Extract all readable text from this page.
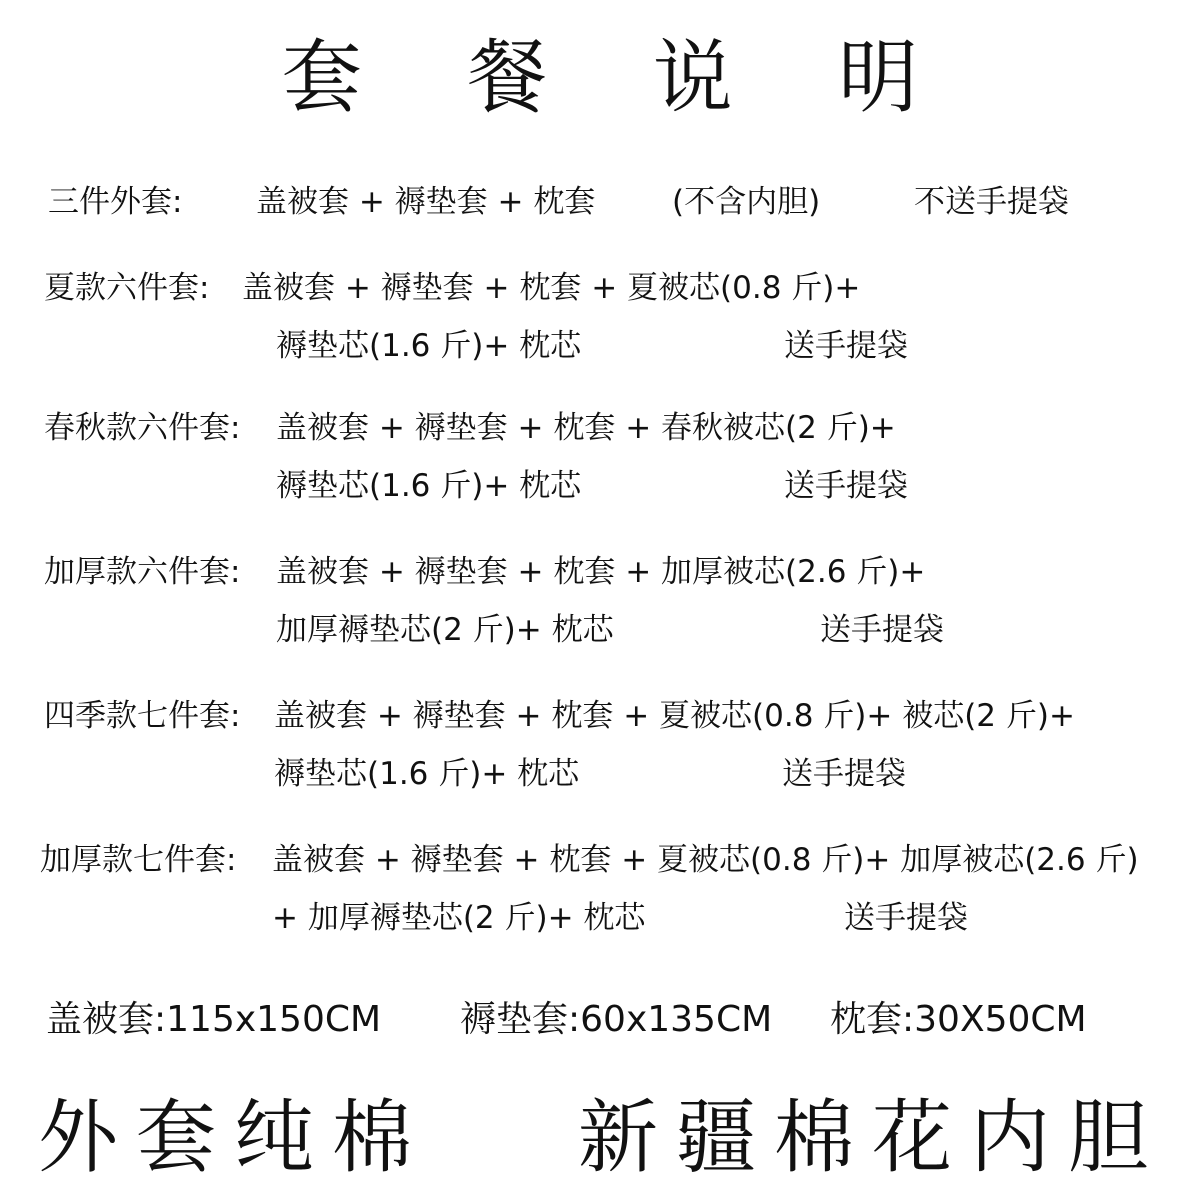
套 餐 说 明
三件外套: 盖被套 + 褥垫套 + 枕套 (不含内胆)	不送手提袋
夏款六件套: 盖被套 + 褥垫套 + 枕套 + 夏被芯(0.8 斤)+
褥垫芯(1.6 斤)+ 枕芯	送手提袋
春秋款六件套: 盖被套 + 褥垫套 + 枕套 + 春秋被芯(2 斤)+
褥垫芯(1.6 斤)+ 枕芯	送手提袋
加厚款六件套: 盖被套 + 褥垫套 + 枕套 + 加厚被芯(2.6 斤)+
加厚褥垫芯(2 斤)+ 枕芯	送手提袋
四季款七件套: 盖被套 + 褥垫套 + 枕套 + 夏被芯(0.8 斤)+ 被芯(2 斤)+
褥垫芯(1.6 斤)+ 枕芯	送手提袋
加厚款七件套: 盖被套 + 褥垫套 + 枕套 + 夏被芯(0.8 斤)+ 加厚被芯(2.6 斤)
+ 加厚褥垫芯(2 斤)+ 枕芯	送手提袋
盖被套:115x150CM 褥垫套:60x135CM 枕套:30X50CM
外套纯棉 新疆棉花内胆
